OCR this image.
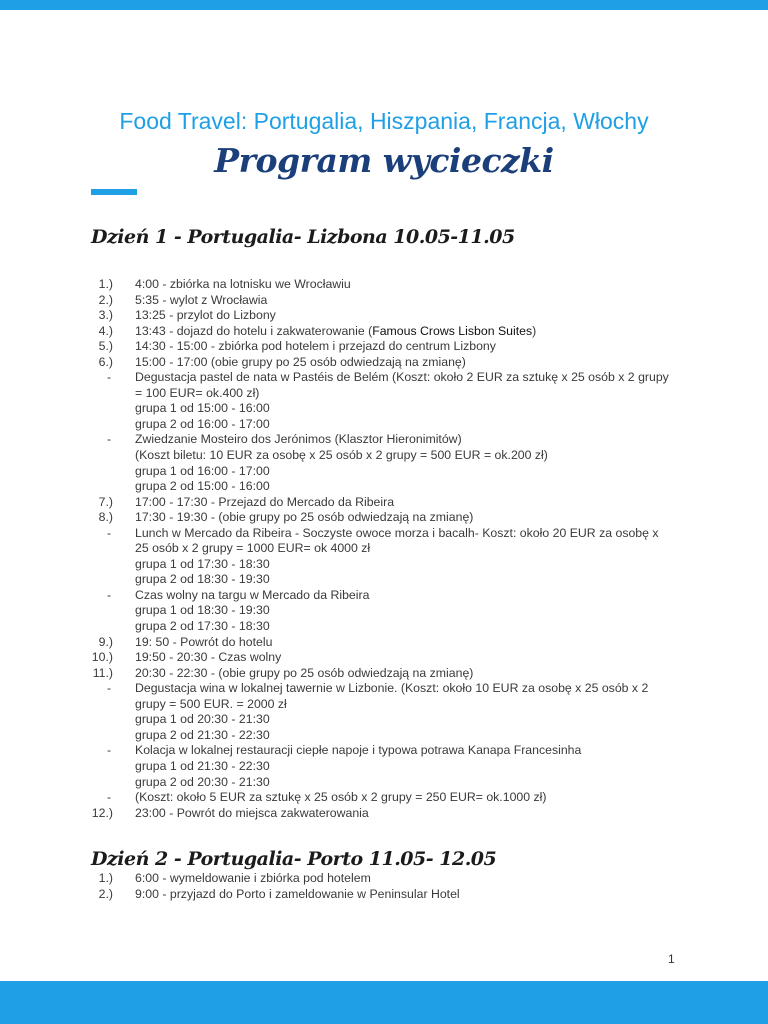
Food Travel: Portugalia, Hiszpania, Francja, Włochy
Program wycieczki
Dzień 1 - Portugalia- Lizbona 10.05-11.05
1.) 4:00 - zbiórka na lotnisku we Wrocławiu
2.) 5:35 - wylot z Wrocławia
3.) 13:25 - przylot do Lizbony
4.) 13:43 - dojazd do hotelu i zakwaterowanie (Famous Crows Lisbon Suites)
5.) 14:30 - 15:00 - zbiórka pod hotelem i przejazd do centrum Lizbony
6.) 15:00 - 17:00 (obie grupy po 25 osób odwiedzają na zmianę)
- Degustacja pastel de nata w Pastéis de Belém (Koszt: około 2 EUR za sztukę x 25 osób x 2 grupy
= 100 EUR= ok.400 zł)
grupa 1 od 15:00 - 16:00
grupa 2 od 16:00 - 17:00
- Zwiedzanie Mosteiro dos Jerónimos (Klasztor Hieronimitów)
(Koszt biletu: 10 EUR za osobę x 25 osób x 2 grupy = 500 EUR = ok.200 zł)
grupa 1 od 16:00 - 17:00
grupa 2 od 15:00 - 16:00
7.) 17:00 - 17:30 - Przejazd do Mercado da Ribeira
8.) 17:30 - 19:30 - (obie grupy po 25 osób odwiedzają na zmianę)
- Lunch w Mercado da Ribeira - Soczyste owoce morza i bacalh- Koszt: około 20 EUR za osobę x
25 osób x 2 grupy = 1000 EUR= ok 4000 zł
grupa 1 od 17:30 - 18:30
grupa 2 od 18:30 - 19:30
- Czas wolny na targu w Mercado da Ribeira
grupa 1 od 18:30 - 19:30
grupa 2 od 17:30 - 18:30
9.) 19: 50 - Powrót do hotelu
10.) 19:50 - 20:30 - Czas wolny
11.) 20:30 - 22:30 - (obie grupy po 25 osób odwiedzają na zmianę)
- Degustacja wina w lokalnej tawernie w Lizbonie. (Koszt: około 10 EUR za osobę x 25 osób x 2
grupy = 500 EUR. = 2000 zł
grupa 1 od 20:30 - 21:30
grupa 2 od 21:30 - 22:30
- Kolacja w lokalnej restauracji ciepłe napoje i typowa potrawa Kanapa Francesinha
grupa 1 od 21:30 - 22:30
grupa 2 od 20:30 - 21:30
- (Koszt: około 5 EUR za sztukę x 25 osób x 2 grupy = 250 EUR= ok.1000 zł)
12.) 23:00 - Powrót do miejsca zakwaterowania
Dzień 2 - Portugalia- Porto 11.05- 12.05
1.) 6:00 - wymeldowanie i zbiórka pod hotelem
2.) 9:00 - przyjazd do Porto i zameldowanie w Peninsular Hotel
1
